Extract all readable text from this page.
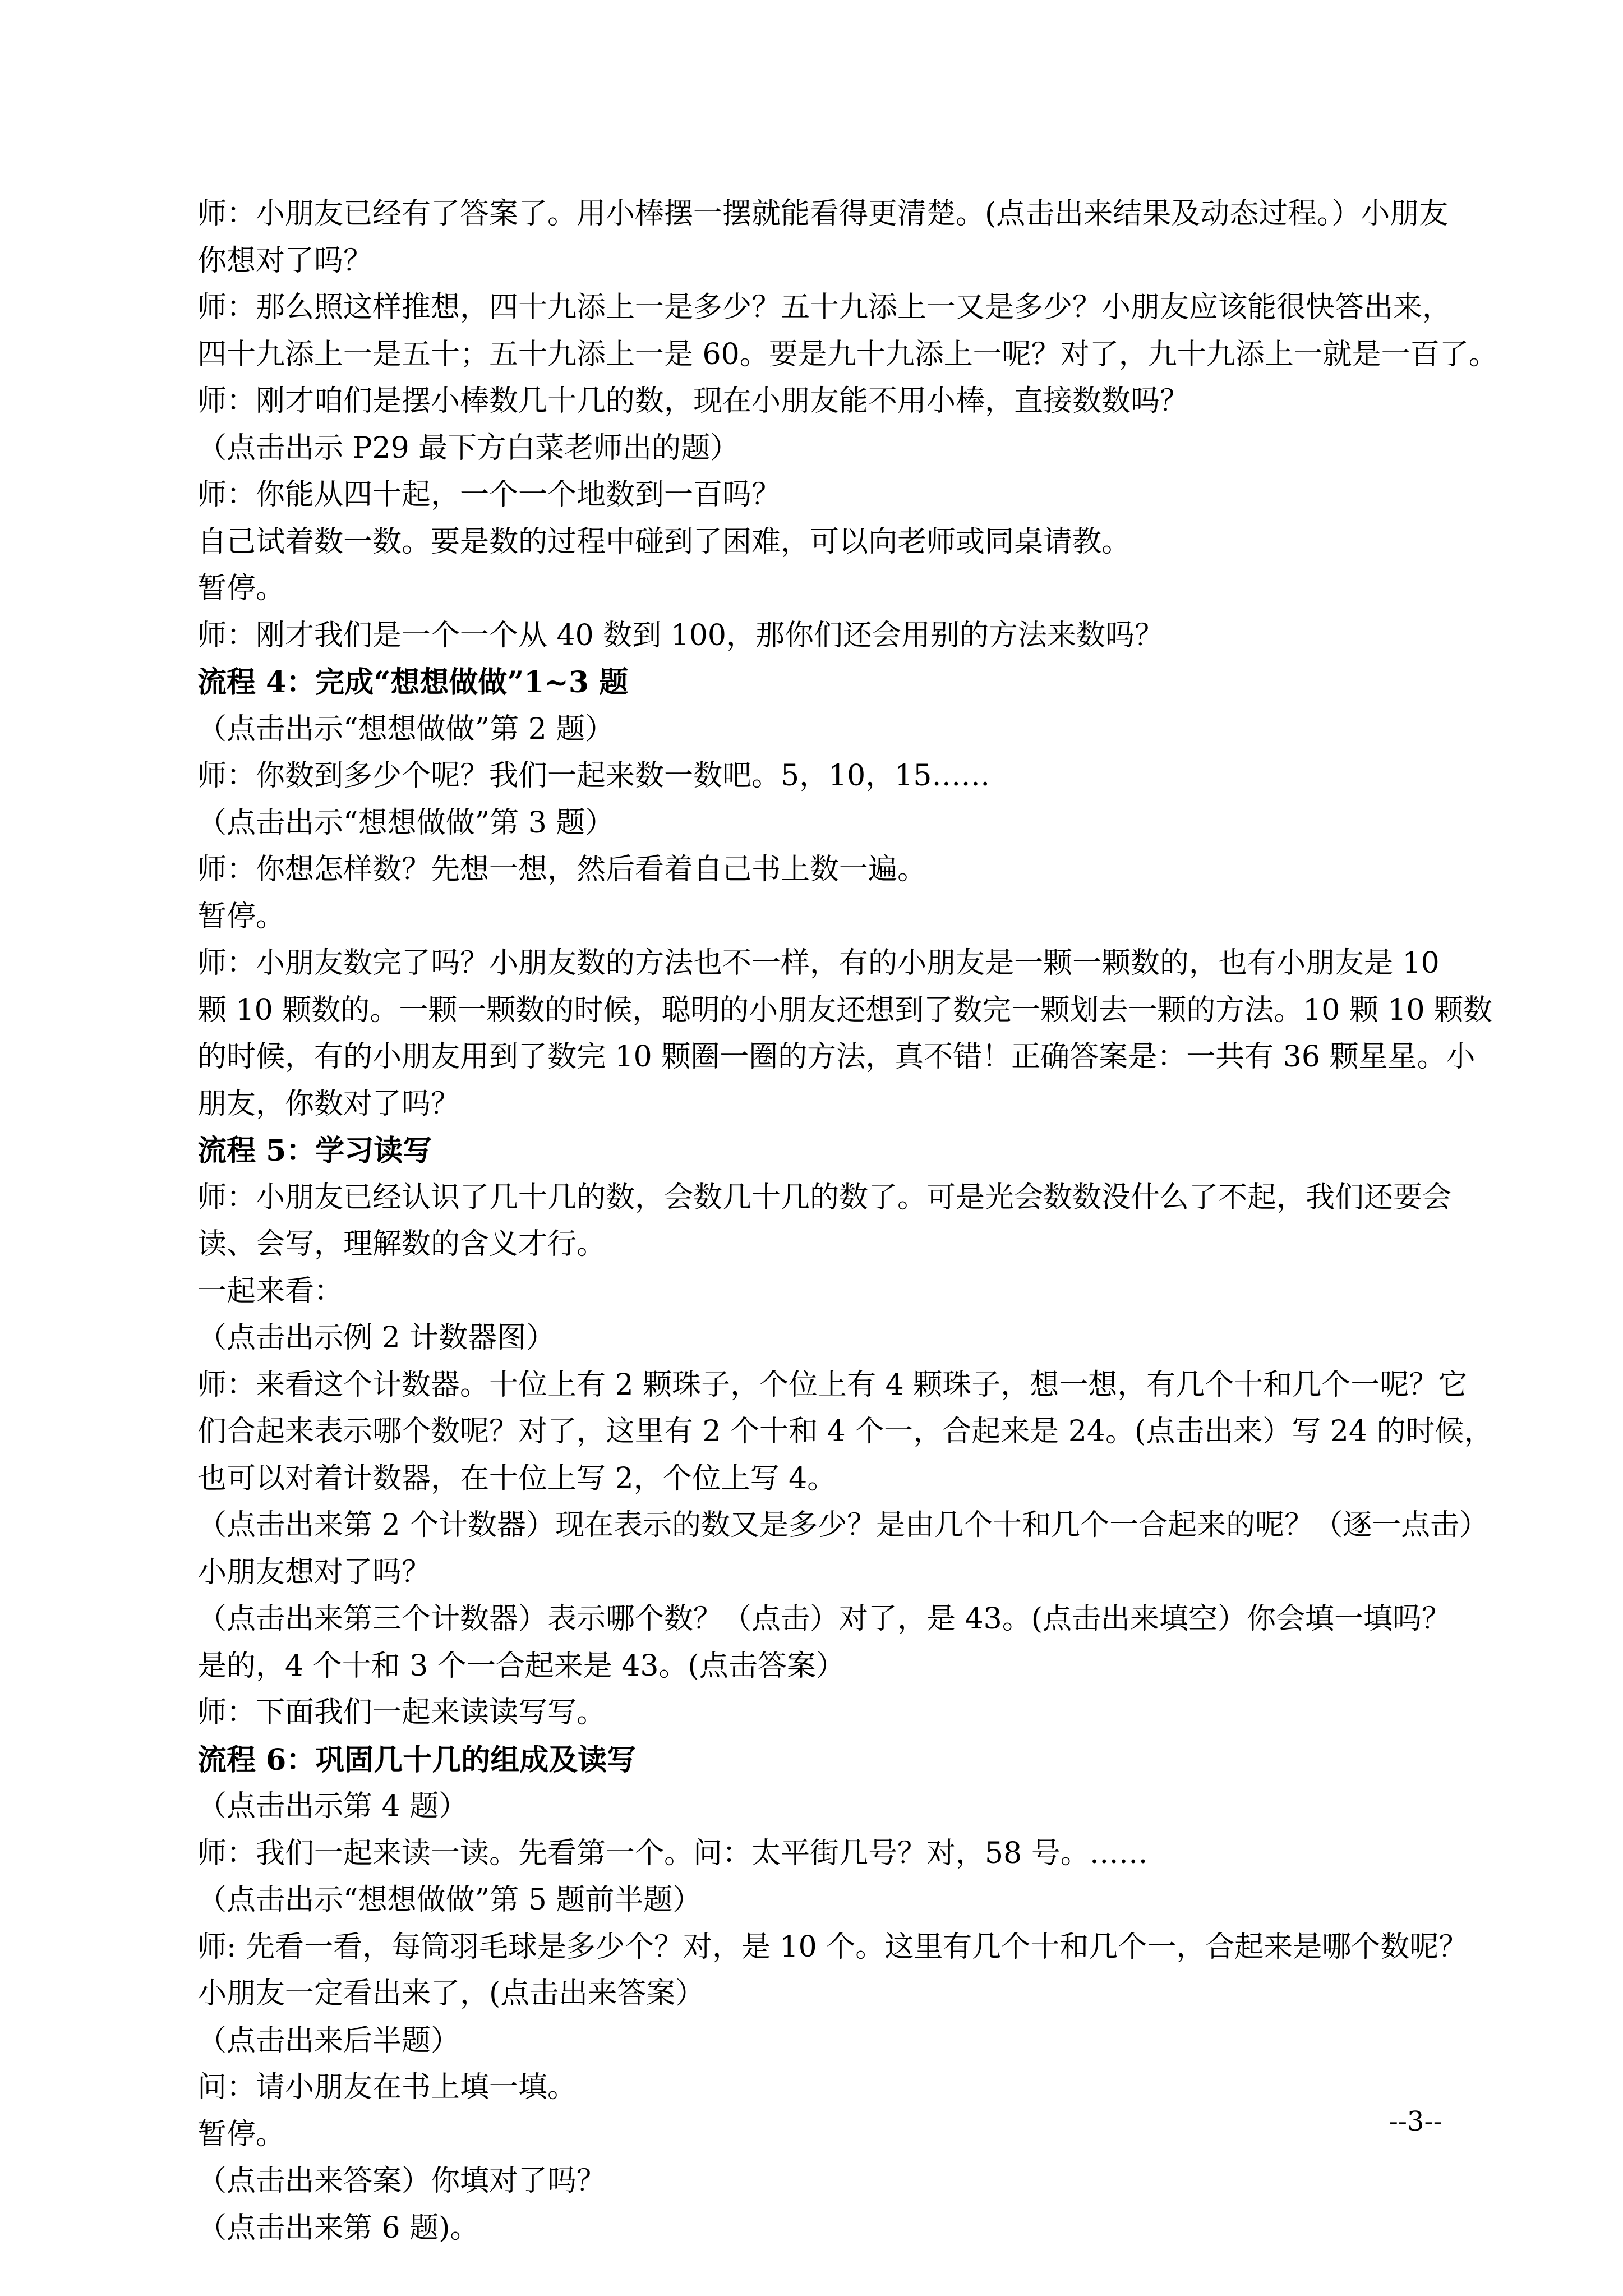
师：小朋友已经有了答案了。用小棒摆一摆就能看得更清楚。(点击出来结果及动态过程。）小朋友

你想对了吗？

师：那么照这样推想，四十九添上一是多少？五十九添上一又是多少？小朋友应该能很快答出来，

四十九添上一是五十；五十九添上一是 60。要是九十九添上一呢？对了，九十九添上一就是一百了。

师：刚才咱们是摆小棒数几十几的数，现在小朋友能不用小棒，直接数数吗？

（点击出示 P29 最下方白菜老师出的题）

师：你能从四十起，一个一个地数到一百吗？

自己试着数一数。要是数的过程中碰到了困难，可以向老师或同桌请教。

暂停。

师：刚才我们是一个一个从 40 数到 100，那你们还会用别的方法来数吗？

流程 4：完成“想想做做”1~3 题

（点击出示“想想做做”第 2 题）

师：你数到多少个呢？我们一起来数一数吧。5，10，15……

（点击出示“想想做做”第 3 题）

师：你想怎样数？先想一想，然后看着自己书上数一遍。

暂停。

师：小朋友数完了吗？小朋友数的方法也不一样，有的小朋友是一颗一颗数的，也有小朋友是 10

颗 10 颗数的。一颗一颗数的时候，聪明的小朋友还想到了数完一颗划去一颗的方法。10 颗 10 颗数

的时候，有的小朋友用到了数完 10 颗圈一圈的方法，真不错！正确答案是：一共有 36 颗星星。小

朋友，你数对了吗？

流程 5：学习读写

师：小朋友已经认识了几十几的数，会数几十几的数了。可是光会数数没什么了不起，我们还要会

读、会写，理解数的含义才行。

一起来看：

（点击出示例 2 计数器图）

师：来看这个计数器。十位上有 2 颗珠子，个位上有 4 颗珠子，想一想，有几个十和几个一呢？它

们合起来表示哪个数呢？对了，这里有 2 个十和 4 个一，合起来是 24。(点击出来）写 24 的时候，

也可以对着计数器，在十位上写 2，个位上写 4。

（点击出来第 2 个计数器）现在表示的数又是多少？是由几个十和几个一合起来的呢？（逐一点击）

小朋友想对了吗？

（点击出来第三个计数器）表示哪个数？（点击）对了，是 43。(点击出来填空）你会填一填吗？

是的，4 个十和 3 个一合起来是 43。(点击答案）

师：下面我们一起来读读写写。

流程 6：巩固几十几的组成及读写

（点击出示第 4 题）

师：我们一起来读一读。先看第一个。问：太平街几号？对，58 号。……

（点击出示“想想做做”第 5 题前半题）

师: 先看一看，每筒羽毛球是多少个？对，是 10 个。这里有几个十和几个一，合起来是哪个数呢？

小朋友一定看出来了，(点击出来答案）

（点击出来后半题）

问：请小朋友在书上填一填。

暂停。

（点击出来答案）你填对了吗？

（点击出来第 6 题)。

--3--
